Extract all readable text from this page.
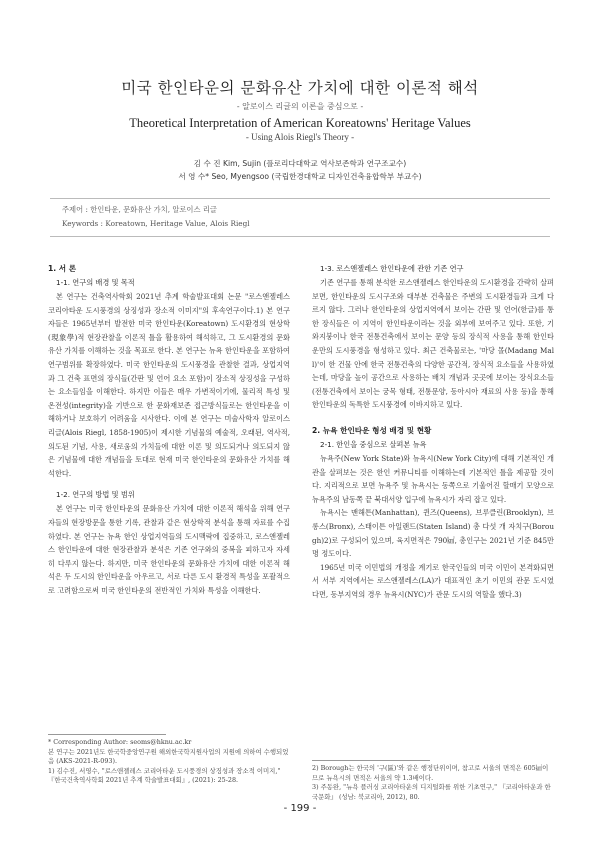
미국 한인타운의 문화유산 가치에 대한 이론적 해석
- 알로이스 리글의 이론을 중심으로 -
Theoretical Interpretation of American Koreatowns' Heritage Values
- Using Alois Riegl's Theory -
김 수 진 Kim, Sujin (플로리다대학교 역사보존학과 연구조교수)
서 영 수* Seo, Myengsoo (국립한경대학교 디자인건축융합학부 부교수)
주제어 : 한인타운, 문화유산 가치, 알로이스 리글
Keywords : Koreatown, Heritage Value, Alois Riegl

1. 서 론

1-1. 연구의 배경 및 목적

본 연구는 건축역사학회 2021년 추계 학술발표대회 논문 "로스앤젤레스 코리아타운 도시풍경의 상징성과 장소적 이미지"의 후속연구이다.1) 본 연구자들은 1965년부터 발전한 미국 한인타운(Koreatown) 도시환경의 현상학(現象學)적 현장관찰을 이론적 틀을 활용하여 해석하고, 그 도시환경의 문화유산 가치를 이해하는 것을 목표로 한다. 본 연구는 뉴욕 한인타운을 포함하여 연구범위를 확장하였다. 미국 한인타운의 도시풍경을 관찰한 결과, 상업지역과 그 건축 표면의 장식들(간판 및 언어 요소 포함)이 장소적 상징성을 구성하는 요소들임을 이해한다. 하지만 이들은 매우 가변적이기에, 물리적 특성 및 온전성(integrity)을 기반으로 한 문화재보존 접근방식들로는 한인타운을 이해하거나 보호하기 어려움을 시사한다. 이에 본 연구는 미술사학자 알로이스 리글(Alois Riegl, 1858-1905)이 제시한 기념물의 예술적, 오래된, 역사적, 의도된 기념, 사용, 새로움의 가치들에 대한 이론 및 의도되거나 의도되지 않은 기념물에 대한 개념들을 토대로 현재 미국 한인타운의 문화유산 가치를 해석한다.

1-2. 연구의 방법 및 범위

본 연구는 미국 한인타운의 문화유산 가치에 대한 이론적 해석을 위해 연구자들의 현장방문을 통한 기록, 관찰과 같은 현상학적 분석을 통해 자료를 수집하였다. 본 연구는 뉴욕 한인 상업지역들의 도시맥락에 집중하고, 로스앤젤레스 한인타운에 대한 현장관찰과 분석은 기존 연구와의 중복을 피하고자 자세히 다루지 않는다. 하지만, 미국 한인타운의 문화유산 가치에 대한 이론적 해석은 두 도시의 한인타운을 아우르고, 서로 다른 도시 환경적 특성을 포괄적으로 고려함으로써 미국 한인타운의 전반적인 가치와 특성을 이해한다.

1-3. 로스앤젤레스 한인타운에 관한 기존 연구

기존 연구를 통해 분석한 로스앤젤레스 한인타운의 도시환경을 간략히 살펴보면, 한인타운의 도시구조와 대부분 건축물은 주변의 도시환경들과 크게 다르지 않다. 그러나 한인타운의 상업지역에서 보이는 간판 및 언어(한글)를 통한 장식들은 이 지역이 한인타운이라는 것을 외부에 보여주고 있다. 또한, 기와지붕이나 한국 전통건축에서 보이는 문양 등의 장식적 사용을 통해 한인타운만의 도시풍경을 형성하고 있다. 최근 건축물로는, '마당 몰(Madang Mall)'이 한 건물 안에 한국 전통건축의 다양한 공간적, 장식적 요소들을 사용하였는데, 마당을 높이 공간으로 사용하는 배치 개념과 곳곳에 보이는 장식요소들(전통건축에서 보이는 궁목 형태, 전통문양, 동아시아 재료의 사용 등)을 통해 한인타운의 독특한 도시풍경에 이바지하고 있다.

2. 뉴욕 한인타운 형성 배경 및 현황

2-1. 한인을 중심으로 살펴본 뉴욕

뉴욕주(New York State)와 뉴욕시(New York City)에 대해 기본적인 개관을 살펴보는 것은 한인 커뮤니티를 이해하는데 기본적인 틀을 제공할 것이다. 지리적으로 보면 뉴욕주 및 뉴욕시는 동쪽으로 기울어진 할매기 모양으로 뉴욕주의 남동쪽 끝 북대서양 입구에 뉴욕시가 자리 잡고 있다.

뉴욕시는 맨해튼(Manhattan), 퀸즈(Queens), 브루클린(Brooklyn), 브롱스(Bronx), 스태이튼 아일랜드(Staten Island) 총 다섯 개 자치구(Borough)2)로 구성되어 있으며, 육지면적은 790㎢, 총인구는 2021년 기준 845만 명 정도이다.

1965년 미국 이민법의 개정을 계기로 한국인들의 미국 이민이 본격화되면서 서부 지역에서는 로스앤젤레스(LA)가 대표적인 초기 이민의 관문 도시였다면, 동부지역의 경우 뉴욕시(NYC)가 관문 도시의 역할을 했다.3)

* Corresponding Author: seoms@hknu.ac.kr

본 연구는 2021년도 한국학중앙연구원 해외한국학지원사업의 지원에 의하여 수행되었음 (AKS-2021-R-093).

1) 김수진, 서영수, "로스앤젤레스 코리아타운 도시풍경의 상징성과 장소적 이미지," 『한국건축역사학회 2021년 추계 학술발표대회』, (2021): 25-28.

2) Borough는 한국의 '구(區)'와 같은 행정단위이며, 참고로 서울의 면적은 605㎢이므로 뉴욕시의 면적은 서울의 약 1.3배이다.

3) 주동완, "뉴욕 플러싱 코리아타운의 디지털화를 위한 기초연구," 『코리아타운과 한국문화』 (성남: 북코리아, 2012), 80.

- 199 -
